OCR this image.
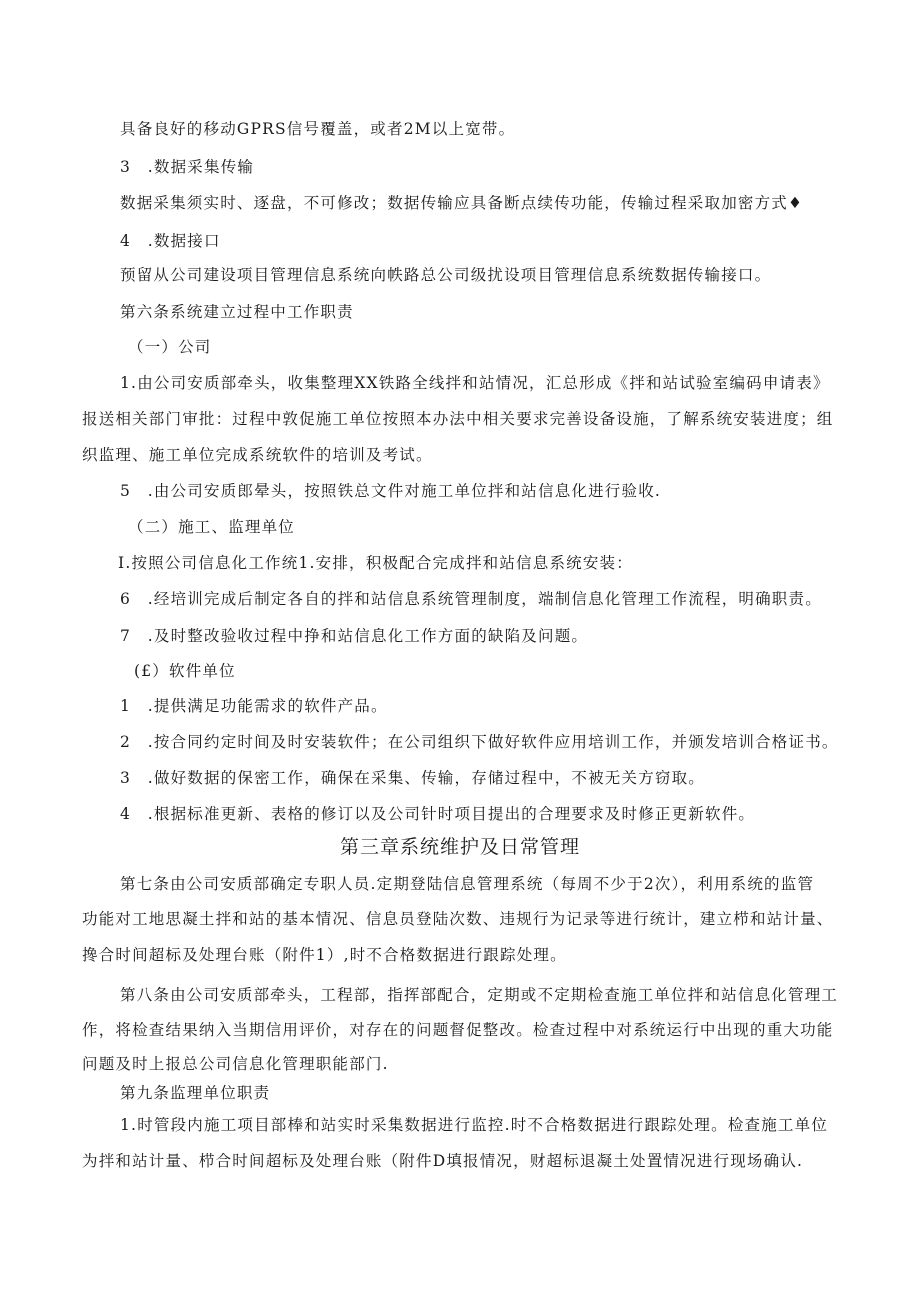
具备良好的移动GPRS信号覆盖，或者2M以上宽带。
3　.数据采集传输
数据采集须实时、逐盘，不可修改；数据传输应具备断点续传功能，传输过程采取加密方式♦
4　.数据接口
预留从公司建设项目管理信息系统向帙路总公司级扰设项目管理信息系统数据传输接口。
第六条系统建立过程中工作职责
（一）公司
1.由公司安质部牵头，收集整理XX铁路全线拌和站情况，汇总形成《拌和站试验室编码申请表》
报送相关部门审批：过程中敦促施工单位按照本办法中相关要求完善设备设施，了解系统安装进度；组
织监理、施工单位完成系统软件的培训及考试。
5　.由公司安质郎晕头，按照铁总文件对施工单位拌和站信息化进行验收.
（二）施工、监理单位
I.按照公司信息化工作统1.安排，积极配合完成拌和站信息系统安装：
6　.经培训完成后制定各自的拌和站信息系统管理制度，端制信息化管理工作流程，明确职责。
7　.及时整改验收过程中挣和站信息化工作方面的缺陷及问题。
(£）软件单位
1　.提供满足功能需求的软件产品。
2　.按合同约定时间及时安装软件；在公司组织下做好软件应用培训工作，并颁发培训合格证书。
3　.做好数据的保密工作，确保在采集、传输，存储过程中，不被无关方窃取。
4　.根据标准更新、表格的修订以及公司针时项目提出的合理要求及时修正更新软件。
第三章系统维护及日常管理
第七条由公司安质部确定专职人员.定期登陆信息管理系统（每周不少于2次），利用系统的监管
功能对工地思凝土拌和站的基本情况、信息员登陆次数、违规行为记录等进行统计，建立栉和站计量、
搀合时间超标及处理台账（附件1）,时不合格数据进行跟踪处理。
第八条由公司安质部牵头，工程部，指挥部配合，定期或不定期检查施工单位拌和站信息化管理工
作，将检查结果纳入当期信用评价，对存在的问题督促整改。检查过程中对系统运行中出现的重大功能
问题及时上报总公司信息化管理职能部门.
第九条监理单位职责
1.时管段内施工项目部棒和站实时采集数据进行监控.时不合格数据进行跟踪处理。检查施工单位
为拌和站计量、栉合时间超标及处理台账（附件D填报情况，财超标退凝土处置情况进行现场确认.
